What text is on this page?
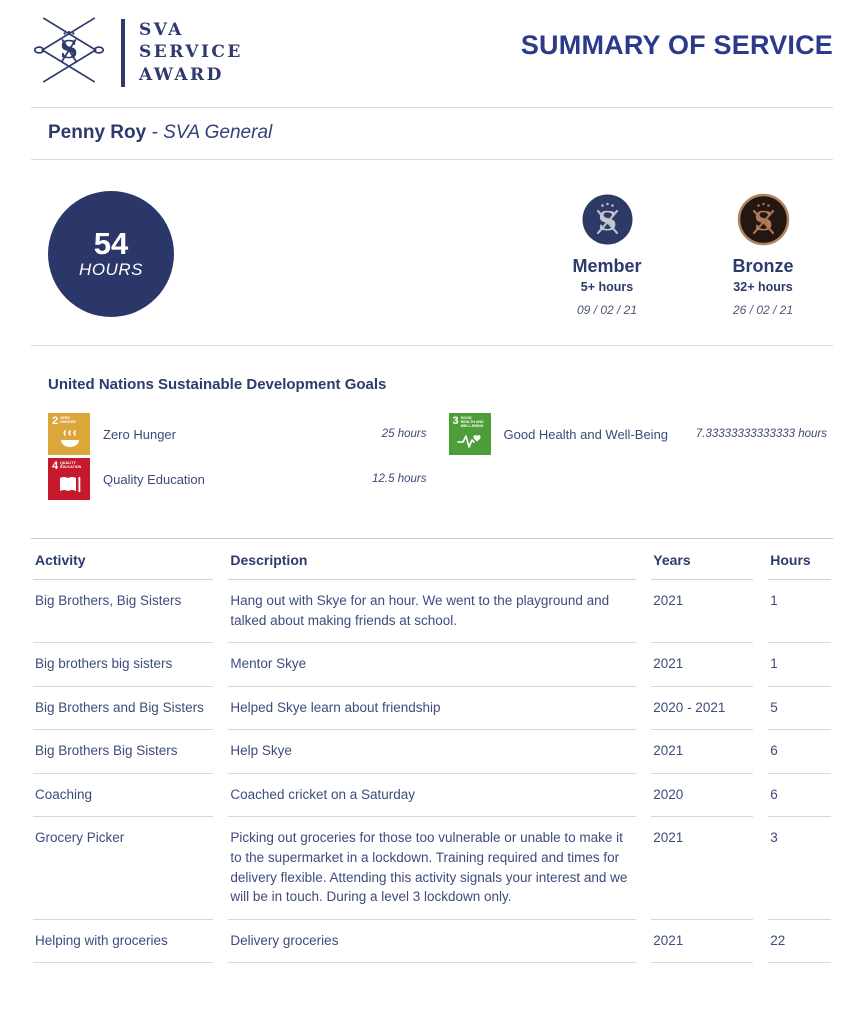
S
SVA
SERVICE
AWARD
SUMMARY OF SERVICE
Penny Roy - SVA General
54
HOURS
S
Member
5+ hours
09 / 02 / 21
S
Bronze
32+ hours
26 / 02 / 21
United Nations Sustainable Development Goals
2 ZERO HUNGER
Zero Hunger	25 hours
3 GOOD HEALTH AND WELL-BEING
Good Health and Well-Being	7.33333333333333 hours
4 QUALITY EDUCATION
Quality Education	12.5 hours
Activity	Description	Years	Hours
Big Brothers, Big Sisters	Hang out with Skye for an hour. We went to the playground and talked about making friends at school.	2021	1
Big brothers big sisters	Mentor Skye	2021	1
Big Brothers and Big Sisters	Helped Skye learn about friendship	2020 - 2021	5
Big Brothers Big Sisters	Help Skye	2021	6
Coaching	Coached cricket on a Saturday	2020	6
Grocery Picker	Picking out groceries for those too vulnerable or unable to make it to the supermarket in a lockdown. Training required and times for delivery flexible. Attending this activity signals your interest and we will be in touch. During a level 3 lockdown only.	2021	3
Helping with groceries	Delivery groceries	2021	22
